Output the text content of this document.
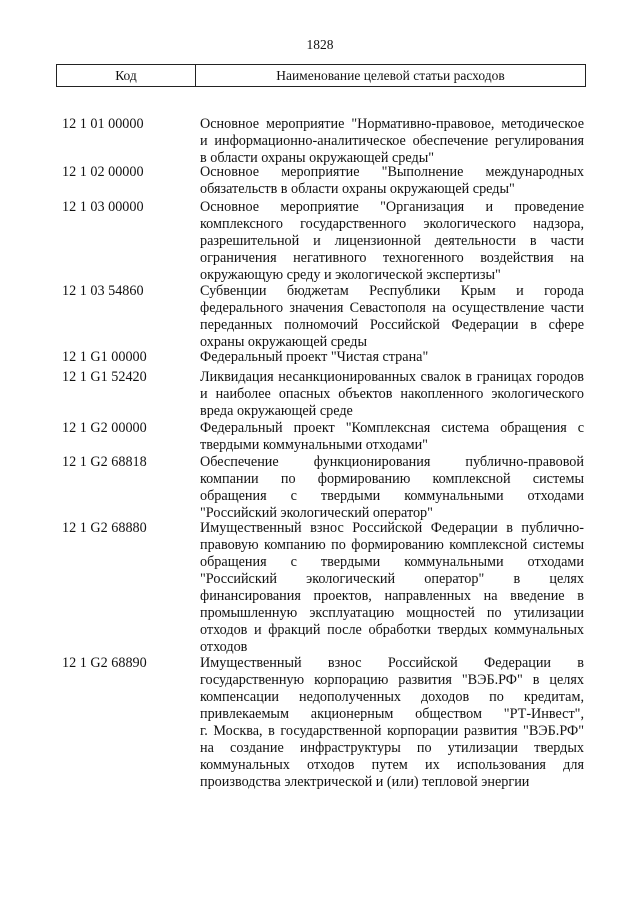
1828
Код	Наименование целевой статьи расходов
12 1 01 00000	Основное мероприятие "Нормативно-правовое, методическое
и информационно-аналитическое обеспечение регулирования
в области охраны окружающей среды"
12 1 02 00000	Основное мероприятие "Выполнение международных
обязательств в области охраны окружающей среды"
12 1 03 00000	Основное мероприятие "Организация и проведение
комплексного государственного экологического надзора,
разрешительной и лицензионной деятельности в части
ограничения негативного техногенного воздействия на
окружающую среду и экологической экспертизы"
12 1 03 54860	Субвенции бюджетам Республики Крым и города
федерального значения Севастополя на осуществление части
переданных полномочий Российской Федерации в сфере
охраны окружающей среды
12 1 G1 00000	Федеральный проект "Чистая страна"
12 1 G1 52420	Ликвидация несанкционированных свалок в границах городов
и наиболее опасных объектов накопленного экологического
вреда окружающей среде
12 1 G2 00000	Федеральный проект "Комплексная система обращения с
твердыми коммунальными отходами"
12 1 G2 68818	Обеспечение функционирования публично-правовой
компании по формированию комплексной системы
обращения с твердыми коммунальными отходами
"Российский экологический оператор"
12 1 G2 68880	Имущественный взнос Российской Федерации в публично-
правовую компанию по формированию комплексной системы
обращения с твердыми коммунальными отходами
"Российский экологический оператор" в целях
финансирования проектов, направленных на введение в
промышленную эксплуатацию мощностей по утилизации
отходов и фракций после обработки твердых коммунальных
отходов
12 1 G2 68890	Имущественный взнос Российской Федерации в
государственную корпорацию развития "ВЭБ.РФ" в целях
компенсации недополученных доходов по кредитам,
привлекаемым акционерным обществом "РТ-Инвест",
г. Москва, в государственной корпорации развития "ВЭБ.РФ"
на создание инфраструктуры по утилизации твердых
коммунальных отходов путем их использования для
производства электрической и (или) тепловой энергии
